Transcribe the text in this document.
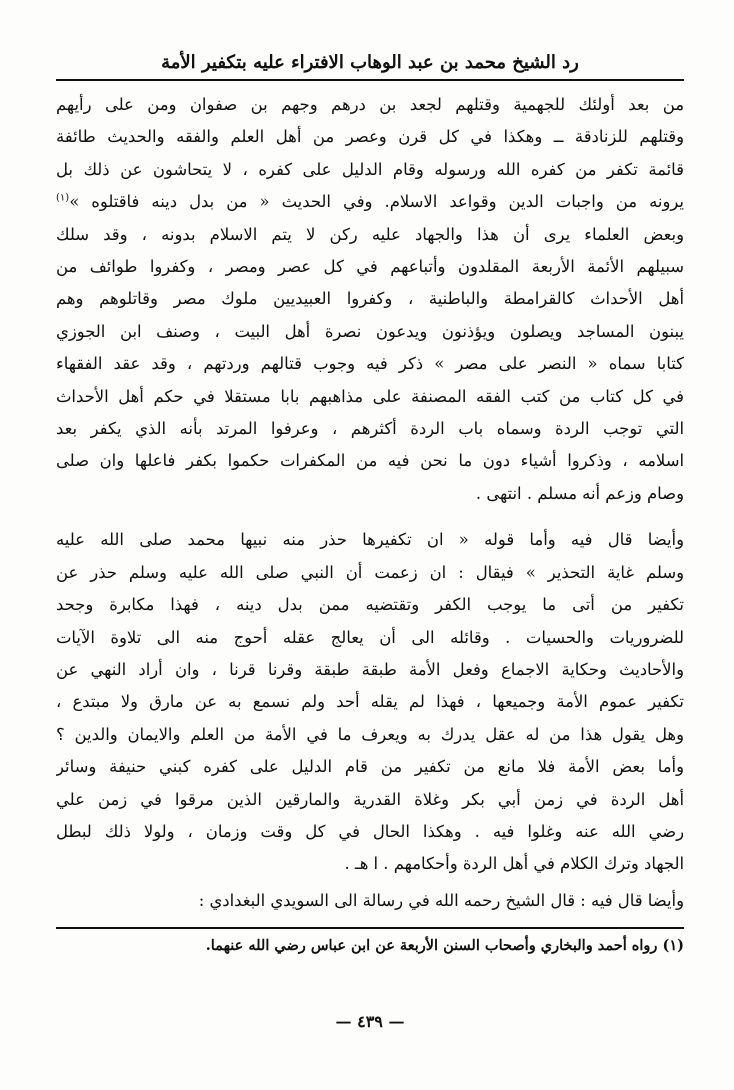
رد الشيخ محمد بن عبد الوهاب الافتراء عليه بتكفير الأمة
من بعد أولئك للجهمية وقتلهم لجعد بن درهم وجهم بن صفوان ومن على رأيهم
وقتلهم للزنادقة ــ وهكذا في كل قرن وعصر من أهل العلم والفقه والحديث طائفة
قائمة تكفر من كفره الله ورسوله وقام الدليل على كفره ، لا يتحاشون عن ذلك بل
يرونه من واجبات الدين وقواعد الاسلام. وفي الحديث « من بدل دينه فاقتلوه »$^{(١)}$
وبعض العلماء يرى أن هذا والجهاد عليه ركن لا يتم الاسلام بدونه ، وقد سلك
سبيلهم الأئمة الأربعة المقلدون وأتباعهم في كل عصر ومصر ، وكفروا طوائف من
أهل الأحداث كالقرامطة والباطنية ، وكفروا العبيديين ملوك مصر وقاتلوهم وهم
يبنون المساجد ويصلون ويؤذنون ويدعون نصرة أهل البيت ، وصنف ابن الجوزي
كتابا سماه « النصر على مصر » ذكر فيه وجوب قتالهم وردتهم ، وقد عقد الفقهاء
في كل كتاب من كتب الفقه المصنفة على مذاهبهم بابا مستقلا في حكم أهل الأحداث
التي توجب الردة وسماه باب الردة أكثرهم ، وعرفوا المرتد بأنه الذي يكفر بعد
اسلامه ، وذكروا أشياء دون ما نحن فيه من المكفرات حكموا بكفر فاعلها وان صلى
وصام وزعم أنه مسلم . انتهى .
وأيضا قال فيه وأما قوله « ان تكفيرها حذر منه نبيها محمد صلى الله عليه
وسلم غاية التحذير » فيقال : ان زعمت أن النبي صلى الله عليه وسلم حذر عن
تكفير من أتى ما يوجب الكفر وتقتضيه ممن بدل دينه ، فهذا مكابرة وجحد
للضروريات والحسيات . وقائله الى أن يعالج عقله أحوج منه الى تلاوة الآيات
والأحاديث وحكاية الاجماع وفعل الأمة طبقة طبقة وقرنا قرنا ، وان أراد النهي عن
تكفير عموم الأمة وجميعها ، فهذا لم يقله أحد ولم نسمع به عن مارق ولا مبتدع ،
وهل يقول هذا من له عقل يدرك به ويعرف ما في الأمة من العلم والايمان والدين ؟
وأما بعض الأمة فلا مانع من تكفير من قام الدليل على كفره كبني حنيفة وسائر
أهل الردة في زمن أبي بكر وغلاة القدرية والمارقين الذين مرقوا في زمن علي
رضي الله عنه وغلوا فيه . وهكذا الحال في كل وقت وزمان ، ولولا ذلك لبطل
الجهاد وترك الكلام في أهل الردة وأحكامهم . ا هـ .
وأيضا قال فيه : قال الشيخ رحمه الله في رسالة الى السويدي البغدادي :
(١) رواه أحمد والبخاري وأصحاب السنن الأربعة عن ابن عباس رضي الله عنهما.
— ٤٣٩ —
